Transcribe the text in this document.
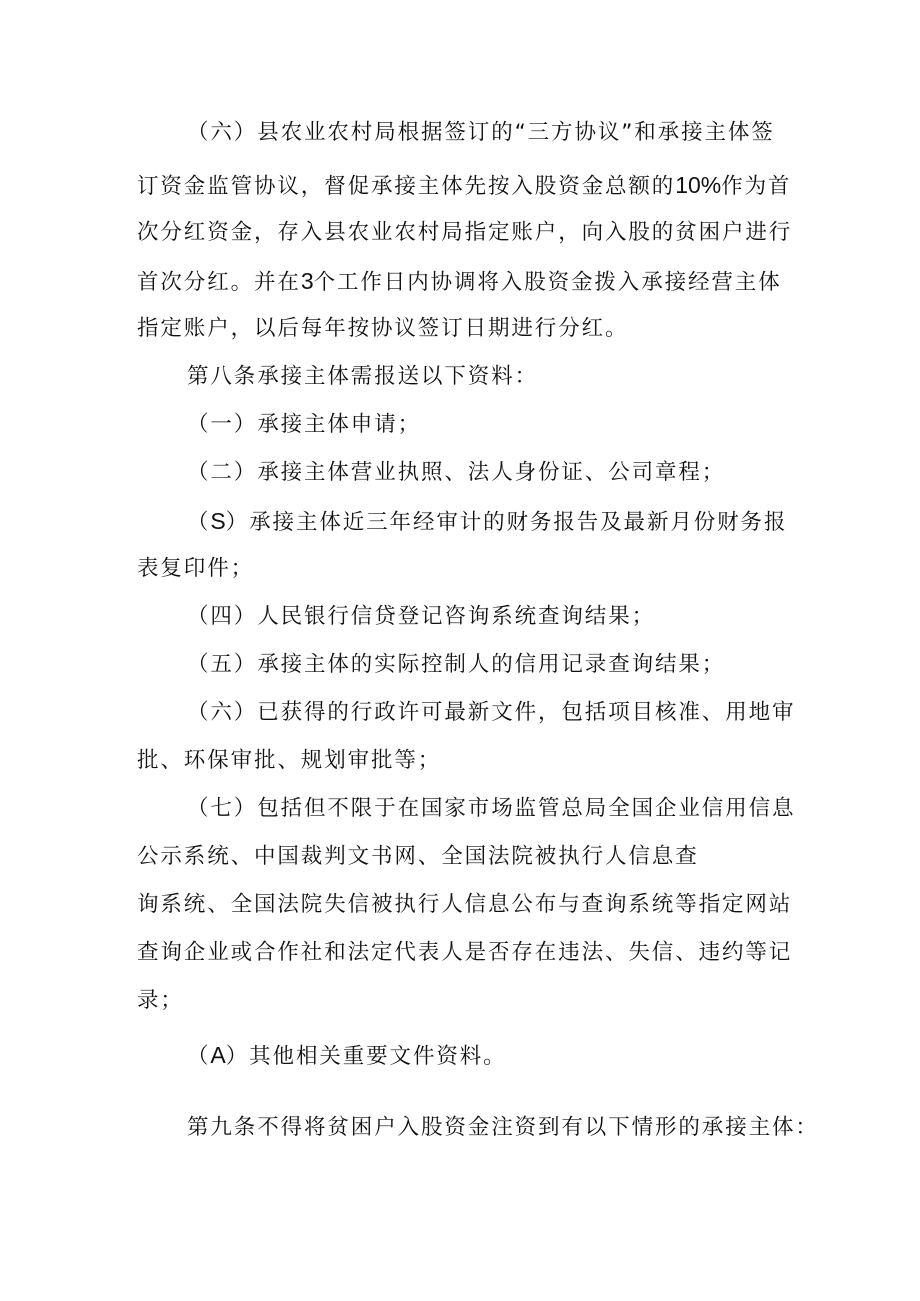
（六）县农业农村局根据签订的“三方协议”和承接主体签
订资金监管协议，督促承接主体先按入股资金总额的10%作为首
次分红资金，存入县农业农村局指定账户，向入股的贫困户进行
首次分红。并在3个工作日内协调将入股资金拨入承接经营主体
指定账户，以后每年按协议签订日期进行分红。
第八条承接主体需报送以下资料：
（一）承接主体申请；
（二）承接主体营业执照、法人身份证、公司章程；
（S）承接主体近三年经审计的财务报告及最新月份财务报
表复印件；
（四）人民银行信贷登记咨询系统查询结果；
（五）承接主体的实际控制人的信用记录查询结果；
（六）已获得的行政许可最新文件，包括项目核准、用地审
批、环保审批、规划审批等；
（七）包括但不限于在国家市场监管总局全国企业信用信息
公示系统、中国裁判文书网、全国法院被执行人信息查
询系统、全国法院失信被执行人信息公布与查询系统等指定网站
查询企业或合作社和法定代表人是否存在违法、失信、违约等记
录；
（A）其他相关重要文件资料。
第九条不得将贫困户入股资金注资到有以下情形的承接主体：
